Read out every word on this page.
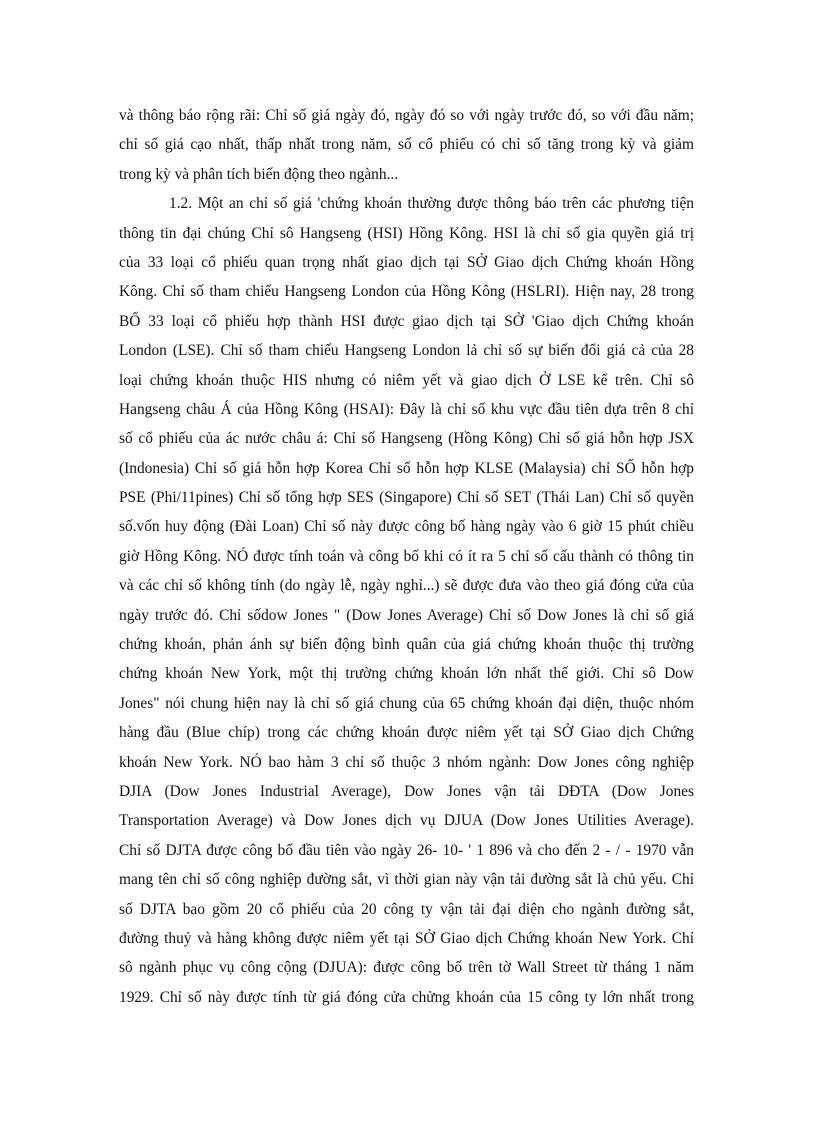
và thông báo rộng rãi: Chỉ số giá ngày đó, ngày đó so với ngày trước đó, so với đầu năm;
chỉ số giá cạo nhất, thấp nhất trong năm, số cổ phiếu có chỉ số tăng trong kỳ và giảm
trong kỳ và phân tích biến động theo ngành...
1.2. Một an chỉ số giá 'chứng khoán thường được thông báo trên các phương tiện
thông tin đại chúng Chỉ sô Hangseng (HSI) Hồng Kông. HSI là chỉ số gia quyền giá trị
của 33 loại cổ phiếu quan trọng nhất giao dịch tại SỞ Giao dịch Chứng khoán Hồng
Kông. Chỉ số tham chiếu Hangseng London của Hồng Kông (HSLRI). Hiện nay, 28 trong
BỐ 33 loại cổ phiếu hợp thành HSI được giao dịch tại SỞ 'Giao dịch Chứng khoán
London (LSE). Chỉ số tham chiếu Hangseng London lả chỉ số sự biến đổi giá cả của 28
loại chứng khoán thuộc HIS nhưng có niêm yết và giao dịch Ở LSE kể trên. Chỉ sô
Hangseng châu Á của Hồng Kông (HSAI): Đây là chỉ số khu vực đầu tiên dựa trên 8 chỉ
số cổ phiếu của ác nước châu á: Chỉ số Hangseng (Hồng Kông) Chỉ số giá hỗn hợp JSX
(Indonesia) Chỉ số giá hỗn hợp Korea Chỉ số hỗn hợp KLSE (Malaysia) chỉ SỐ hỗn hợp
PSE (Phi/11pines) Chỉ số tổng hợp SES (Singapore) Chỉ số SET (Thái Lan) Chỉ số quyền
số.vốn huy động (Đài Loan) Chỉ số này được công bố hàng ngày vào 6 giờ 15 phút chiều
giờ Hồng Kông. NÓ được tính toán và công bố khi có ít ra 5 chỉ số cấu thành có thông tin
và các chỉ số không tính (do ngày lễ, ngày nghỉ...) sẽ được đưa vào theo giá đóng cửa của
ngày trước đó. Chỉ sốdow Jones " (Dow Jones Average) Chỉ số Dow Jones là chỉ số giá
chứng khoán, phản ánh sự biến động bình quân của giá chứng khoán thuộc thị trường
chứng khoán New York, một thị trường chứng khoán lớn nhất thế giới. Chỉ sô Dow
Jones" nói chung hiện nay là chỉ số giá chung của 65 chứng khoán đại diện, thuộc nhóm
hàng đầu (Blue chíp) trong các chứng khoán được niêm yết tại SỞ Giao dịch Chứng
khoán New York. NÓ bao hàm 3 chỉ số thuộc 3 nhóm ngành: Dow Jones công nghiệp
DJIA (Dow Jones Industrial Average), Dow Jones vận tải DĐTA (Dow Jones
Transportation Average) và Dow Jones dịch vụ DJUA (Dow Jones Utilities Average).
Chỉ số DJTA được công bố đầu tiên vào ngày 26- 10- ' 1 896 và cho đến 2 - / - 1970 vẫn
mang tên chỉ số công nghiệp đường sắt, vì thời gian này vận tải đường sắt là chủ yếu. Chỉ
số DJTA bao gồm 20 cổ phiếu của 20 công ty vận tải đại diện cho ngành đường sắt,
đường thuỷ và hàng không được niêm yết tại SỞ Giao dịch Chứng khoán New York. Chỉ
sô ngành phục vụ công cộng (DJUA): được công bố trên tờ Wall Street từ tháng 1 năm
1929. Chỉ số này được tính từ giá đóng cửa chửng khoán của 15 công ty lớn nhất trong
